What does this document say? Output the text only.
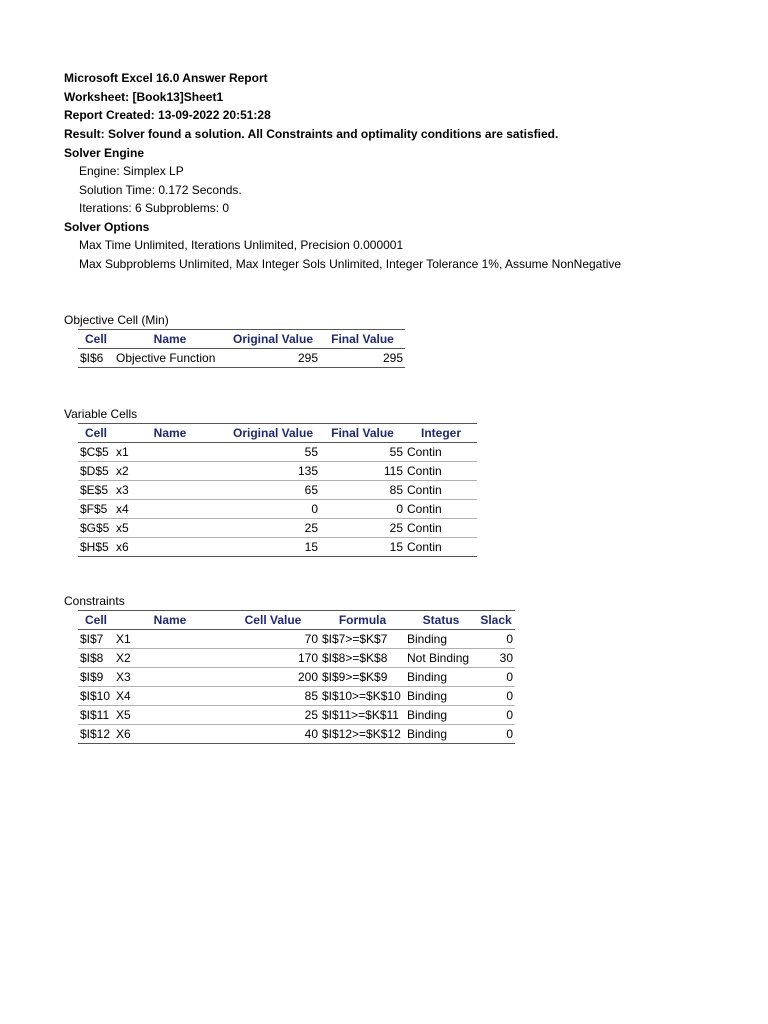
Microsoft Excel 16.0 Answer Report
Worksheet: [Book13]Sheet1
Report Created: 13-09-2022 20:51:28
Result: Solver found a solution. All Constraints and optimality conditions are satisfied.
Solver Engine
Engine: Simplex LP
Solution Time: 0.172 Seconds.
Iterations: 6 Subproblems: 0
Solver Options
Max Time Unlimited, Iterations Unlimited, Precision 0.000001
Max Subproblems Unlimited, Max Integer Sols Unlimited, Integer Tolerance 1%, Assume NonNegative
Objective Cell (Min)
Cell	Name	Original Value	Final Value
$I$6	Objective Function	295	295
Variable Cells
Cell	Name	Original Value	Final Value	Integer
$C$5	x1	55	55	Contin
$D$5	x2	135	115	Contin
$E$5	x3	65	85	Contin
$F$5	x4	0	0	Contin
$G$5	x5	25	25	Contin
$H$5	x6	15	15	Contin
Constraints
Cell	Name	Cell Value	Formula	Status	Slack
$I$7	X1	70	$I$7>=$K$7	Binding	0
$I$8	X2	170	$I$8>=$K$8	Not Binding	30
$I$9	X3	200	$I$9>=$K$9	Binding	0
$I$10	X4	85	$I$10>=$K$10	Binding	0
$I$11	X5	25	$I$11>=$K$11	Binding	0
$I$12	X6	40	$I$12>=$K$12	Binding	0
